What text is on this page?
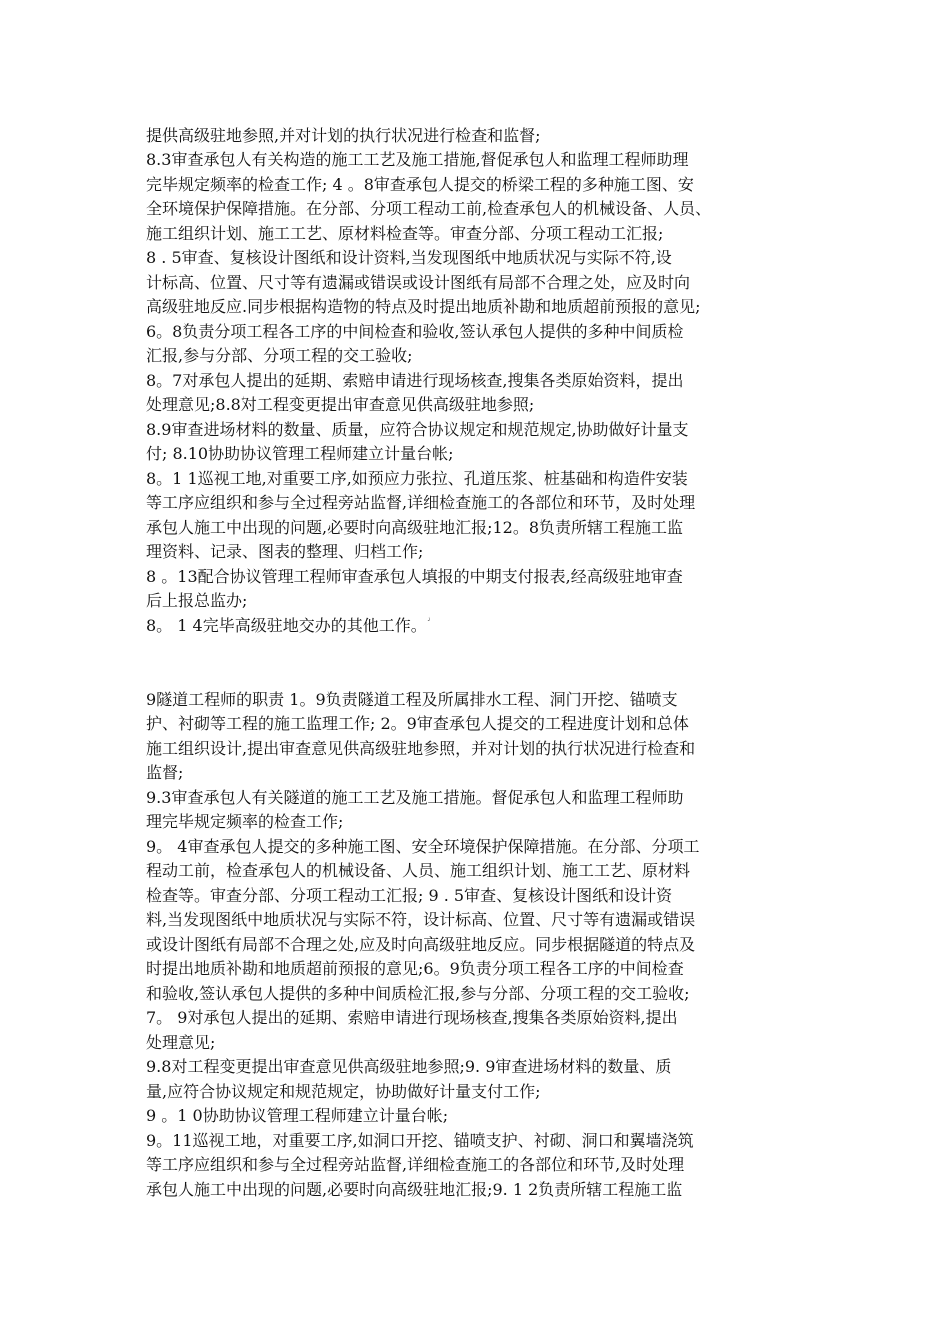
提供高级驻地参照,并对计划的执行状况进行检查和监督;
8.3审查承包人有关构造的施工工艺及施工措施,督促承包人和监理工程师助理
完毕规定频率的检查工作; 4 。8ؗ审查承包人提交的桥梁工程的多种施工图、安
全环境保护保障措施。在分部、分项工程动工前,检查承包人的机械设备、人员、
施工组织计划、施工工艺、原材料检查等。审查分部、分项工程动工汇报;
8 . 5审查、复核设计图纸和设计资料,当发现图纸中地质状况与实际不符,设
计标高、位置、尺寸等有遗漏或错误或设计图纸有局部不合理之处，应及时向
高级驻地反应.同步根据构造物的特点及时提出地质补勘和地质超前预报的意见;
6。8ؗ负责分项工程各工序的中间检查和验收,签认承包人提供的多种中间质检
汇报,参与分部、分项工程的交工验收;
8。7对承包人提出的延期、索赔申请进行现场核查,搜集各类原始资料，提出
处理意见;8.8ؗ对工程变更提出审查意见供高级驻地参照;
8.9审查进场材料的数量、质量，应符合协议规定和规范规定,协助做好计量支
付; 8.10ؗ协助协议管理工程师建立计量台帐;
8。1 1巡视工地,对重要工序,如预应力张拉、孔道压浆、桩基础和构造件安装
等工序应组织和参与全过程旁站监督,详细检查施工的各部位和环节，及时处理
承包人施工中出现的问题,必要时向高级驻地汇报;12。8ؗ负责所辖工程施工监
理资料、记录、图表的整理、归档工作;
8 。13配合协议管理工程师审查承包人填报的中期支付报表,经高级驻地审查
后上报总监办;
8。 1 4完毕高级驻地交办的其他工作。ؗ
9隧道工程师的职责 1。9ؗ负责隧道工程及所属排水工程、洞门开挖、锚喷支
护、衬砌等工程的施工监理工作; 2。9ؗ审查承包人提交的工程进度计划和总体
施工组织设计,提出审查意见供高级驻地参照，并对计划的执行状况进行检查和
监督;
9.3审查承包人有关隧道的施工工艺及施工措施。督促承包人和监理工程师助
理完毕规定频率的检查工作;
9。 4审查承包人提交的多种施工图、安全环境保护保障措施。在分部、分项工
程动工前，检查承包人的机械设备、人员、施工组织计划、施工工艺、原材料
检查等。审查分部、分项工程动工汇报; 9 . 5ؗ审查、复核设计图纸和设计资
料,当发现图纸中地质状况与实际不符，设计标高、位置、尺寸等有遗漏或错误
或设计图纸有局部不合理之处,应及时向高级驻地反应。同步根据隧道的特点及
时提出地质补勘和地质超前预报的意见;6。9ؗ负责分项工程各工序的中间检查
和验收,签认承包人提供的多种中间质检汇报,参与分部、分项工程的交工验收;
7。 9ؗ对承包人提出的延期、索赔申请进行现场核查,搜集各类原始资料,提出
处理意见;
9.8对工程变更提出审查意见供高级驻地参照;9. 9ؗ审查进场材料的数量、质
量,应符合协议规定和规范规定，协助做好计量支付工作;
9 。1 0协助协议管理工程师建立计量台帐;
9。11巡视工地，对重要工序,如洞口开挖、锚喷支护、衬砌、洞口和翼墙浇筑
等工序应组织和参与全过程旁站监督,详细检查施工的各部位和环节,及时处理
承包人施工中出现的问题,必要时向高级驻地汇报;9. 1 2ؗ负责所辖工程施工监
